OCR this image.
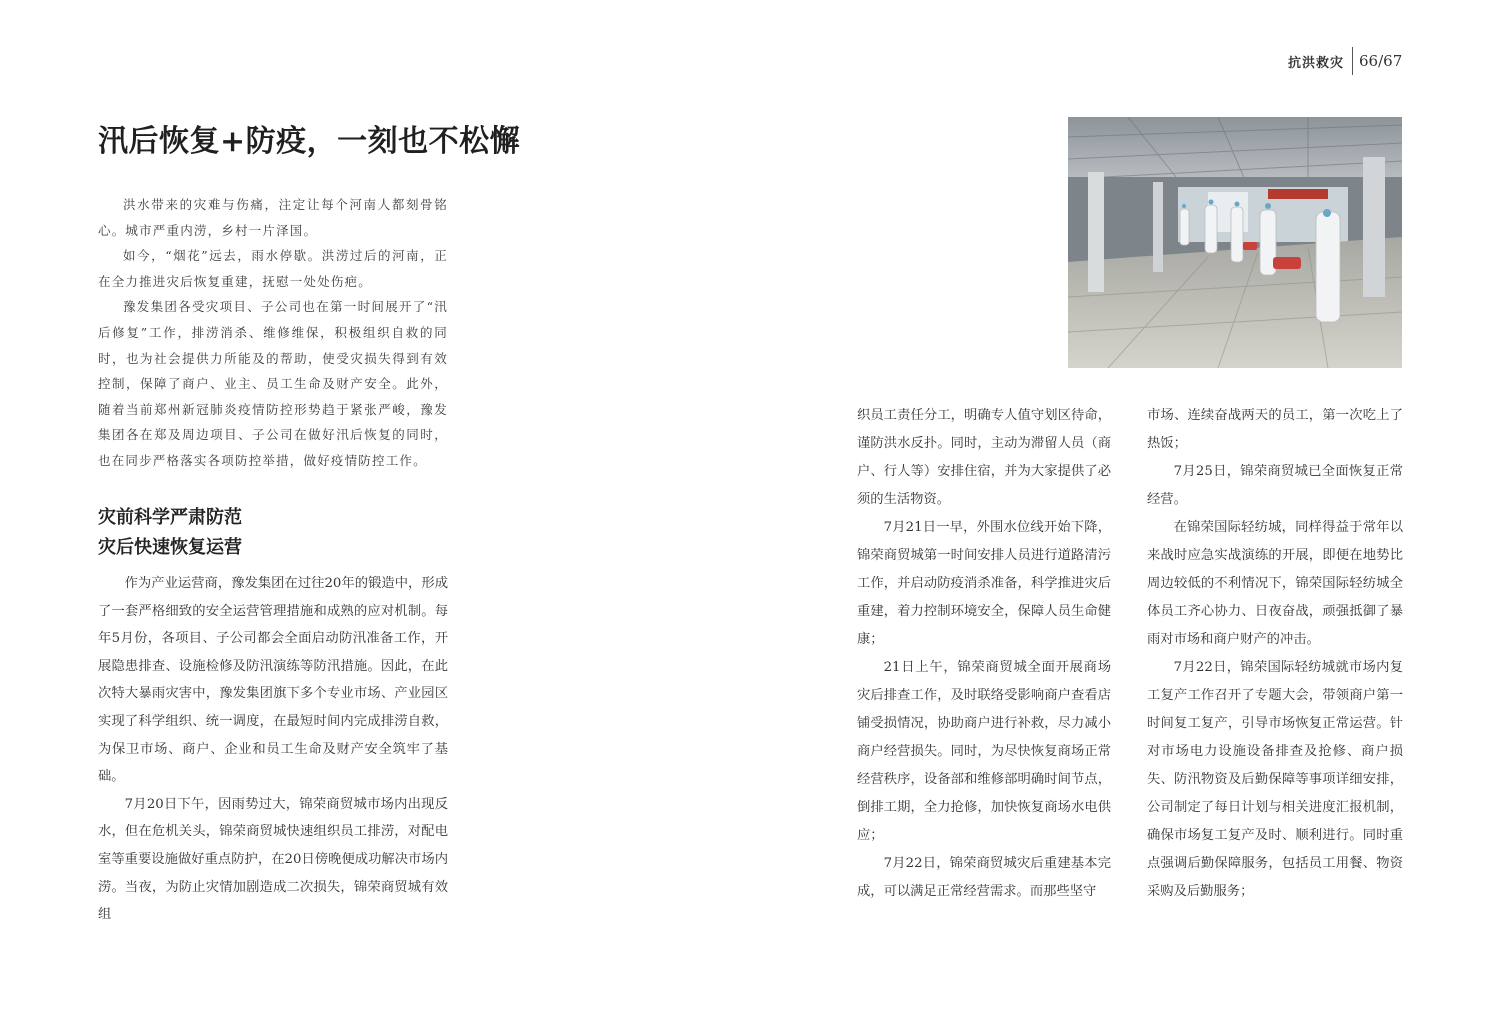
抗洪救灾 66/67
汛后恢复+防疫，一刻也不松懈

洪水带来的灾难与伤痛，注定让每个河南人都刻骨铭心。城市严重内涝，乡村一片泽国。

如今，“烟花”远去，雨水停歇。洪涝过后的河南，正在全力推进灾后恢复重建，抚慰一处处伤疤。

豫发集团各受灾项目、子公司也在第一时间展开了“汛后修复”工作，排涝消杀、维修维保，积极组织自救的同时，也为社会提供力所能及的帮助，使受灾损失得到有效控制，保障了商户、业主、员工生命及财产安全。此外，随着当前郑州新冠肺炎疫情防控形势趋于紧张严峻，豫发集团各在郑及周边项目、子公司在做好汛后恢复的同时，也在同步严格落实各项防控举措，做好疫情防控工作。

灾前科学严肃防范
灾后快速恢复运营

作为产业运营商，豫发集团在过往20年的锻造中，形成了一套严格细致的安全运营管理措施和成熟的应对机制。每年5月份，各项目、子公司都会全面启动防汛准备工作，开展隐患排查、设施检修及防汛演练等防汛措施。因此，在此次特大暴雨灾害中，豫发集团旗下多个专业市场、产业园区实现了科学组织、统一调度，在最短时间内完成排涝自救，为保卫市场、商户、企业和员工生命及财产安全筑牢了基础。

7月20日下午，因雨势过大，锦荣商贸城市场内出现反水，但在危机关头，锦荣商贸城快速组织员工排涝，对配电室等重要设施做好重点防护，在20日傍晚便成功解决市场内涝。当夜，为防止灾情加剧造成二次损失，锦荣商贸城有效组

织员工责任分工，明确专人值守划区待命，谨防洪水反扑。同时，主动为滞留人员（商户、行人等）安排住宿，并为大家提供了必须的生活物资。

7月21日一早，外围水位线开始下降，锦荣商贸城第一时间安排人员进行道路清污工作，并启动防疫消杀准备，科学推进灾后重建，着力控制环境安全，保障人员生命健康；

21日上午，锦荣商贸城全面开展商场灾后排查工作，及时联络受影响商户查看店铺受损情况，协助商户进行补救，尽力减小商户经营损失。同时，为尽快恢复商场正常经营秩序，设备部和维修部明确时间节点，倒排工期，全力抢修，加快恢复商场水电供应；

7月22日，锦荣商贸城灾后重建基本完成，可以满足正常经营需求。而那些坚守

市场、连续奋战两天的员工，第一次吃上了热饭；

7月25日，锦荣商贸城已全面恢复正常经营。

在锦荣国际轻纺城，同样得益于常年以来战时应急实战演练的开展，即便在地势比周边较低的不利情况下，锦荣国际轻纺城全体员工齐心协力、日夜奋战，顽强抵御了暴雨对市场和商户财产的冲击。

7月22日，锦荣国际轻纺城就市场内复工复产工作召开了专题大会，带领商户第一时间复工复产，引导市场恢复正常运营。针对市场电力设施设备排查及抢修、商户损失、防汛物资及后勤保障等事项详细安排，公司制定了每日计划与相关进度汇报机制，确保市场复工复产及时、顺利进行。同时重点强调后勤保障服务，包括员工用餐、物资采购及后勤服务；
